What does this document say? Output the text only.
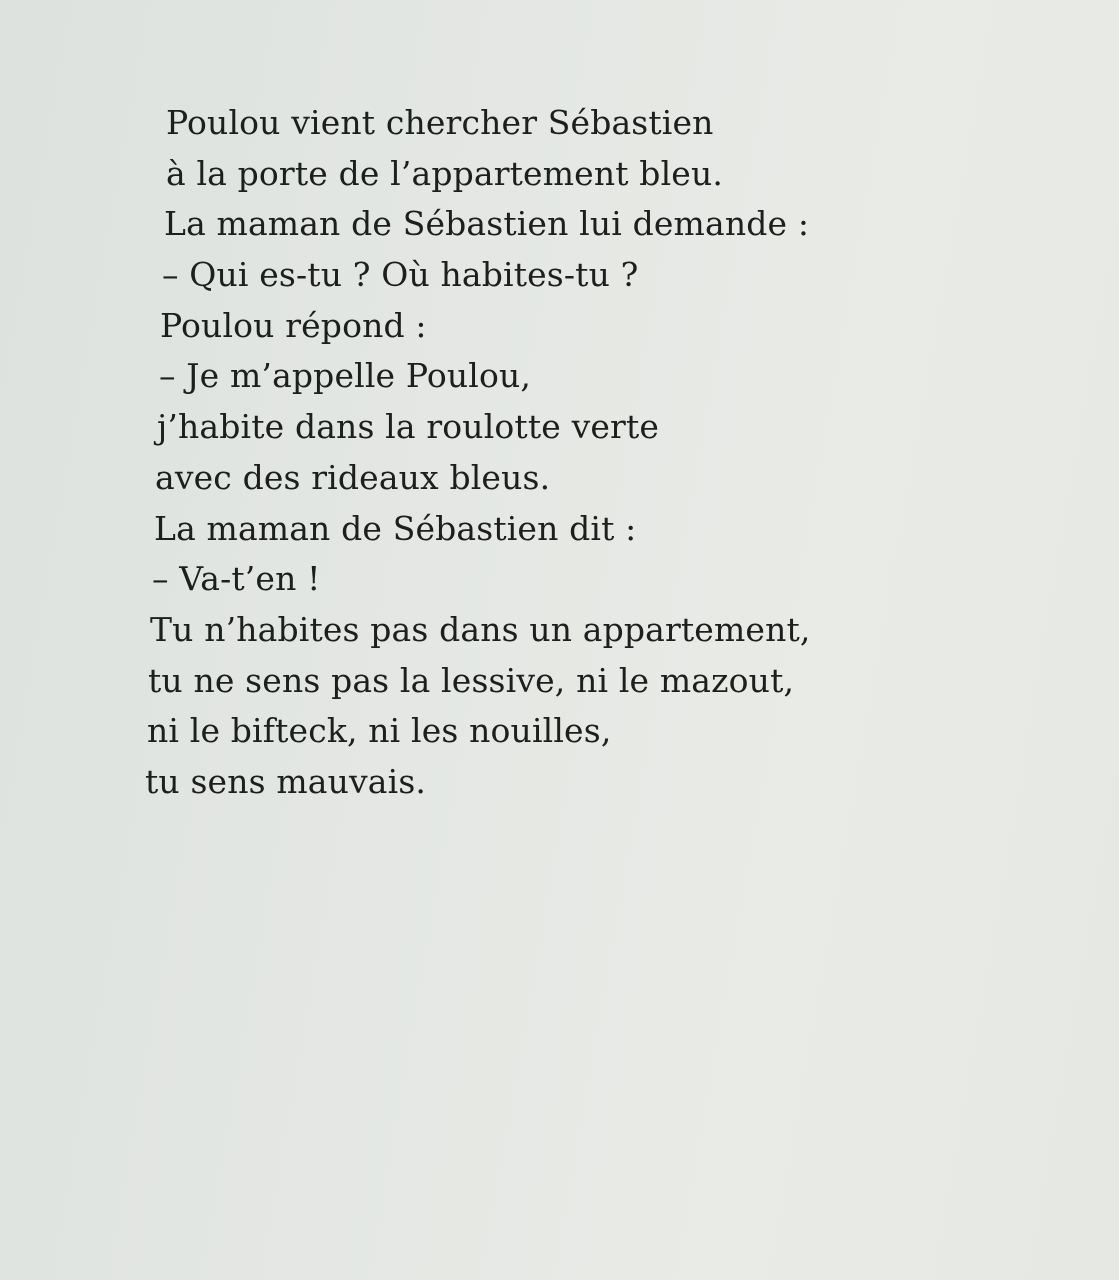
Poulou vient chercher Sébastien
à la porte de l’appartement bleu.
La maman de Sébastien lui demande :
– Qui es-tu ? Où habites-tu ?
Poulou répond :
– Je m’appelle Poulou,
j’habite dans la roulotte verte
avec des rideaux bleus.
La maman de Sébastien dit :
– Va-t’en !
Tu n’habites pas dans un appartement,
tu ne sens pas la lessive, ni le mazout,
ni le bifteck, ni les nouilles,
tu sens mauvais.
